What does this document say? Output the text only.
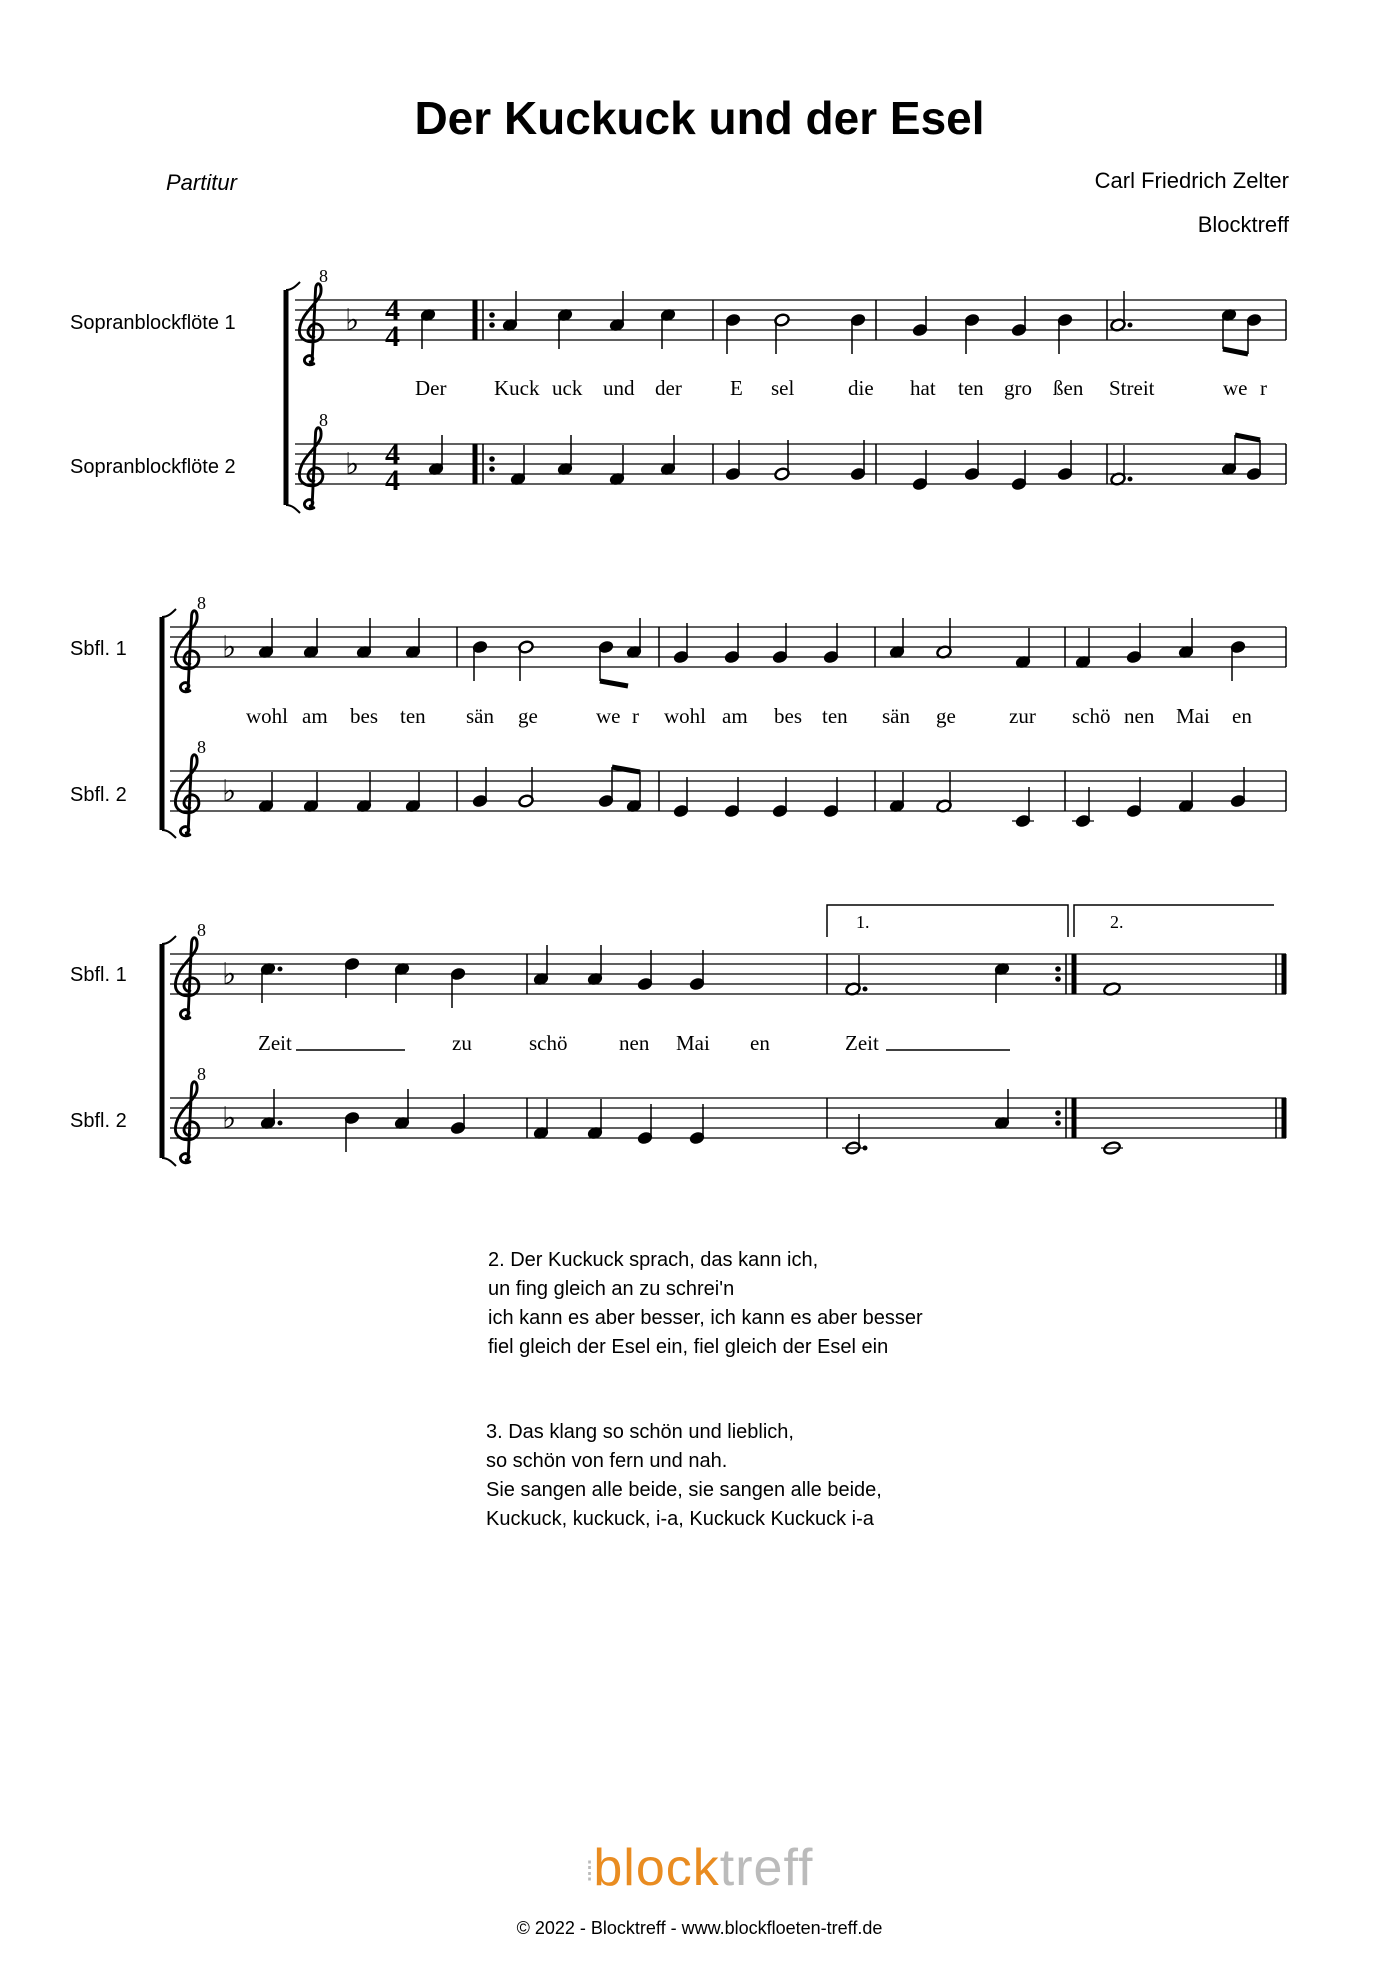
Der Kuckuck und der Esel
Partitur	Carl Friedrich Zelter
Blocktreff
Sopranblockflöte 1
Sopranblockflöte 2
Sbfl. 1
Sbfl. 2
Sbfl. 1
Sbfl. 2
Der Kuck uck und der E sel	die hat ten gro ßen Streit	we r
wohl am bes ten sän ge	we r wohl am bes ten sän ge	zur schö nen Mai en
Zeit	zu	schö nen Mai en	Zeit
1.	2.
8
8
8
8
8
8
♭
♭
♭
♭
♭
♭
4
4
4
4
2. Der Kuckuck sprach, das kann ich,
un fing gleich an zu schrei'n
ich kann es aber besser, ich kann es aber besser
fiel gleich der Esel ein, fiel gleich der Esel ein
3. Das klang so schön und lieblich,
so schön von fern und nah.
Sie sangen alle beide, sie sangen alle beide,
Kuckuck, kuckuck, i-a, Kuckuck Kuckuck i-a
⁞blocktreff
© 2022 - Blocktreff - www.blockfloeten-treff.de
